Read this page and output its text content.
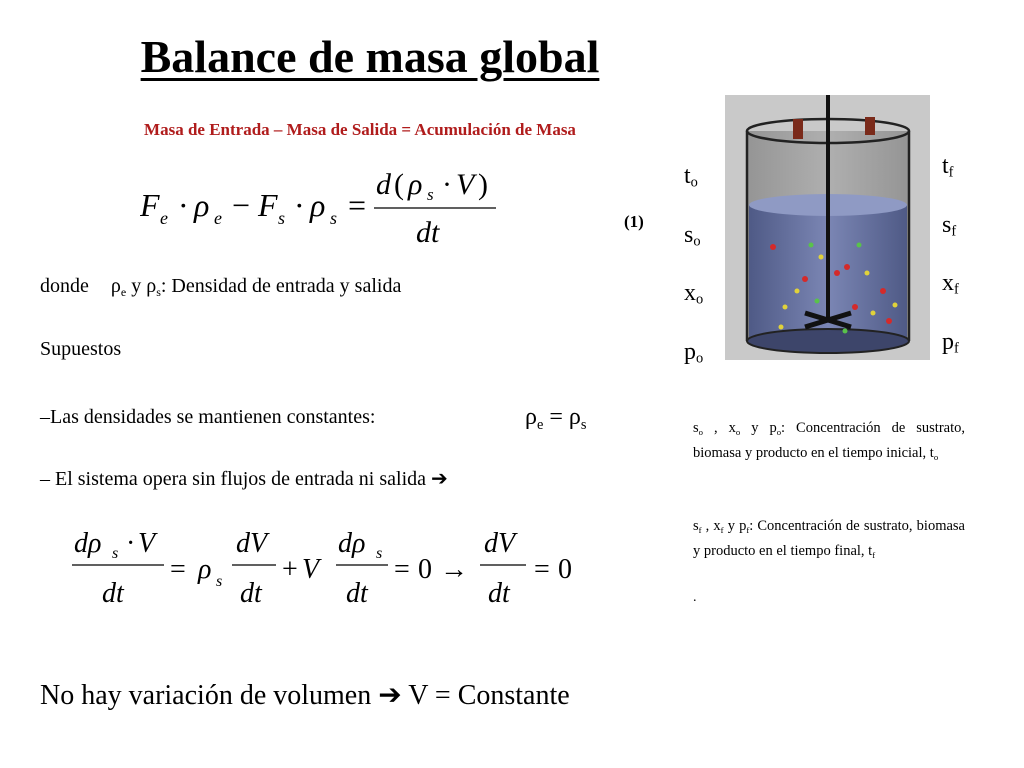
Balance de masa global
Masa de Entrada – Masa de Salida = Acumulación de Masa
F e · ρ e − F s · ρ s =
d ( ρ s · V )
dt	(1)
donde $\rho_e$ y $\rho_s$: Densidad de entrada y salida
Supuestos
–Las densidades se mantienen constantes:	$\rho_e = \rho_s$
– El sistema opera sin flujos de entrada ni salida ➔
dρ s · V
dt
= ρ s
dV
dt
+ V
dρ s
dt
= 0 →
dV
dt
= 0
No hay variación de volumen ➔ V = Constante
to
so
xo
po
tf
sf
xf
pf
$s_o$ , $x_o$ y $p_o$: Concentración de sustrato, biomasa y producto en el tiempo inicial, $t_o$
$s_f$ , $x_f$ y $p_f$: Concentración de sustrato, biomasa y producto en el tiempo final, $t_f$
.
